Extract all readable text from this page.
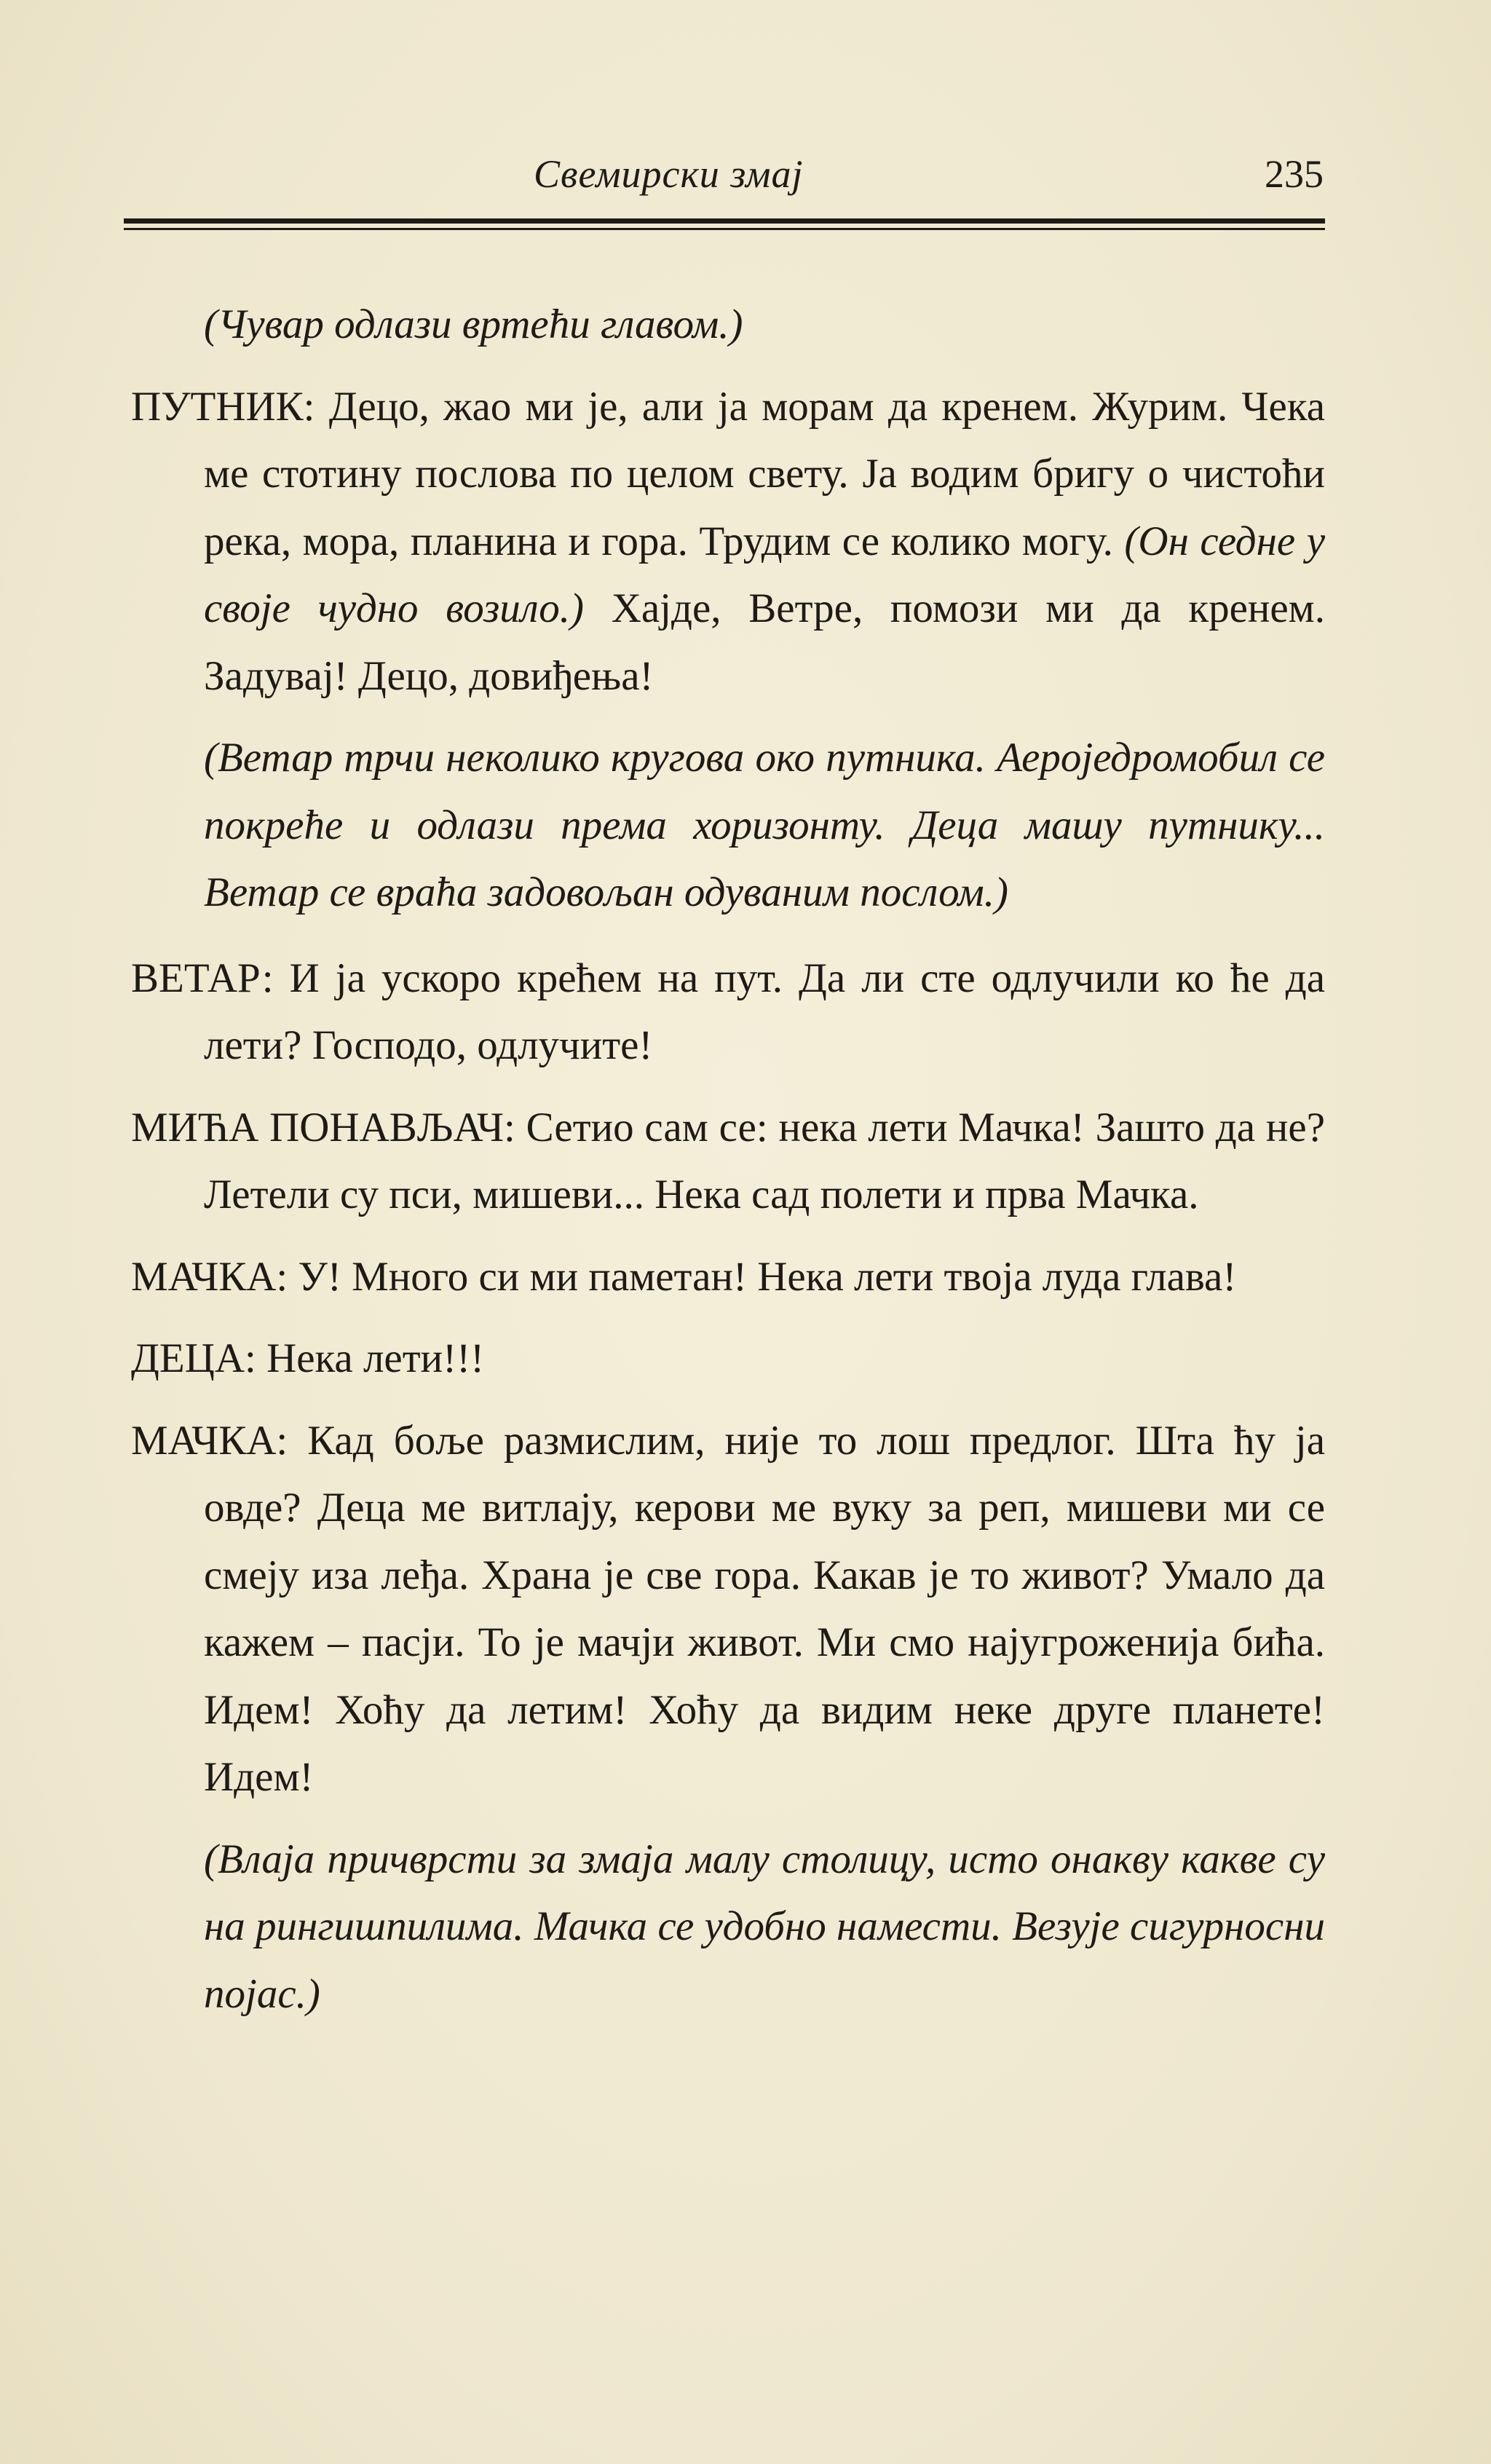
Свемирски змај	235

(Чувар одлази вртећи главом.)

ПУТНИК: Децо, жао ми је, али ја морам да кренем. Журим. Чека ме стотину послова по целом свету. Ја водим бригу о чистоћи река, мора, планина и гора. Трудим се колико могу. (Он седне у своје чудно возило.) Хајде, Ветре, помози ми да кренем. Задувај! Децо, довиђења!

(Ветар трчи неколико кругова око путника. Аероједромобил се покреће и одлази према хоризонту. Деца машу путнику... Ветар се враћа задовољан одуваним послом.)

ВЕТАР: И ја ускоро крећем на пут. Да ли сте одлучили ко ће да лети? Господо, одлучите!

МИЋА ПОНАВЉАЧ: Сетио сам се: нека лети Мачка! Зашто да не? Летели су пси, мишеви... Нека сад полети и прва Мачка.

МАЧКА: У! Много си ми паметан! Нека лети твоја луда глава!

ДЕЦА: Нека лети!!!

МАЧКА: Кад боље размислим, није то лош предлог. Шта ћу ја овде? Деца ме витлају, керови ме вуку за реп, мишеви ми се смеју иза леђа. Храна је све гора. Какав је то живот? Умало да кажем – пасји. То је мачји живот. Ми смо најугроженија бића. Идем! Хоћу да летим! Хоћу да видим неке друге планете! Идем!

(Влаја причврсти за змаја малу столицу, исто онакву какве су на рингишпилима. Мачка се удобно намести. Везује сигурносни појас.)
